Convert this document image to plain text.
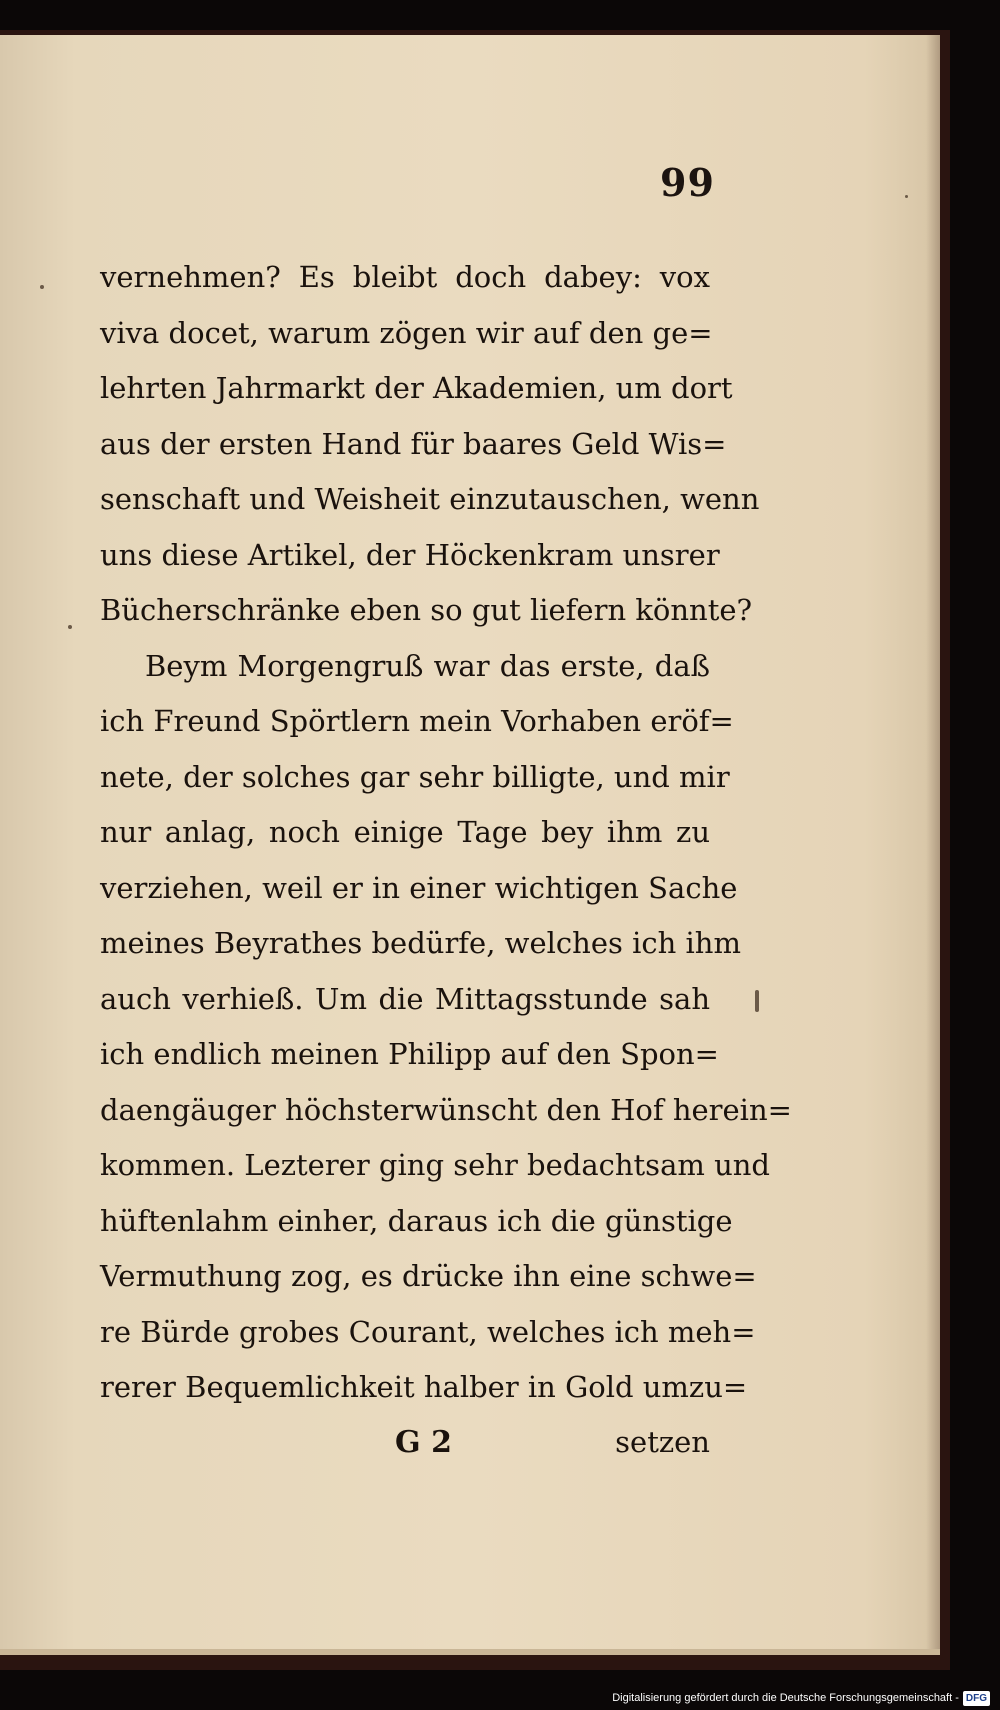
99
vernehmen? Es bleibt doch dabey: vox
viva docet, warum zögen wir auf den ge=
lehrten Jahrmarkt der Akademien, um dort
aus der ersten Hand für baares Geld Wis=
senschaft und Weisheit einzutauschen, wenn
uns diese Artikel, der Höckenkram unsrer
Bücherschränke eben so gut liefern könnte?
Beym Morgengruß war das erste, daß
ich Freund Spörtlern mein Vorhaben eröf=
nete, der solches gar sehr billigte, und mir
nur anlag, noch einige Tage bey ihm zu
verziehen, weil er in einer wichtigen Sache
meines Beyrathes bedürfe, welches ich ihm
auch verhieß. Um die Mittagsstunde sah
ich endlich meinen Philipp auf den Spon=
daengäuger höchsterwünscht den Hof herein=
kommen. Lezterer ging sehr bedachtsam und
hüftenlahm einher, daraus ich die günstige
Vermuthung zog, es drücke ihn eine schwe=
re Bürde grobes Courant, welches ich meh=
rerer Bequemlichkeit halber in Gold umzu=
G 2	setzen
Digitalisierung gefördert durch die Deutsche Forschungsgemeinschaft - DFG
